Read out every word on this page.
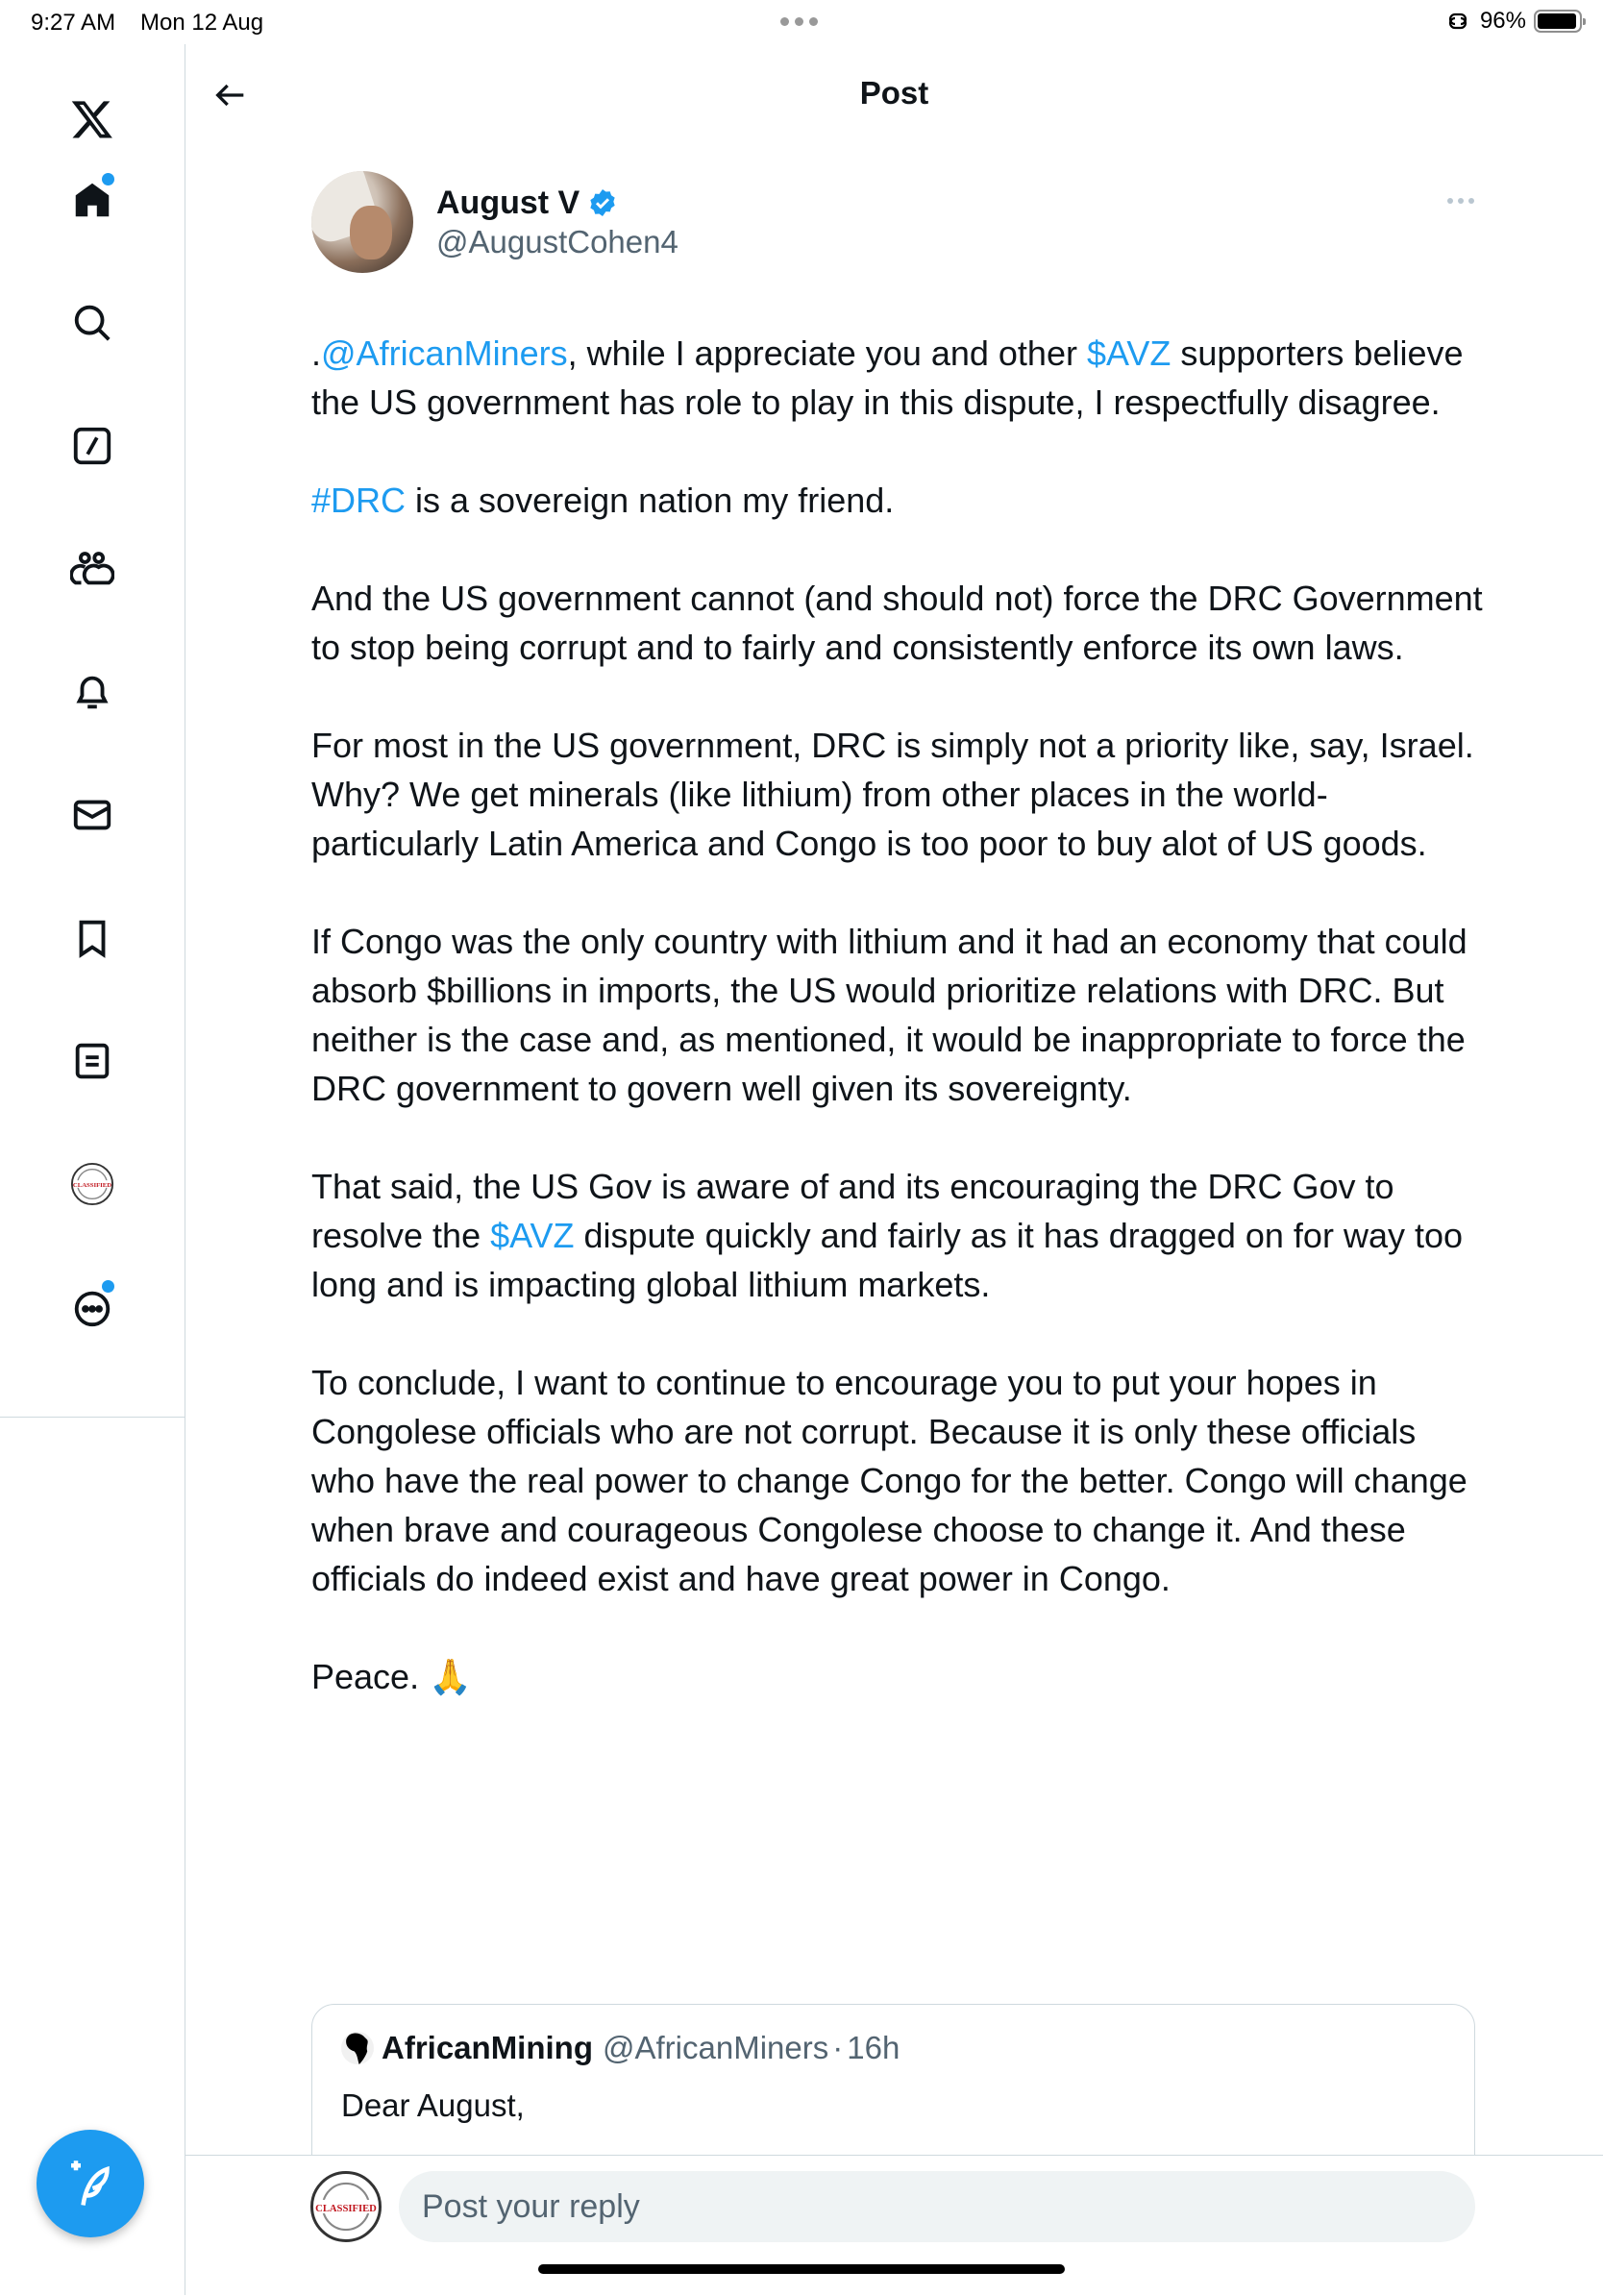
9:27 AM Mon 12 Aug	96%
CLASSIFIED
Post
August V
@AugustCohen4

.@AfricanMiners, while I appreciate you and other $AVZ supporters believe the US government has role to play in this dispute, I respectfully disagree.

#DRC is a sovereign nation my friend.

And the US government cannot (and should not) force the DRC Government to stop being corrupt and to fairly and consistently enforce its own laws.

For most in the US government, DRC is simply not a priority like, say, Israel. Why? We get minerals (like lithium) from other places in the world- particularly Latin America and Congo is too poor to buy alot of US goods.

If Congo was the only country with lithium and it had an economy that could absorb $billions in imports, the US would prioritize relations with DRC. But neither is the case and, as mentioned, it would be inappropriate to force the DRC government to govern well given its sovereignty.

That said, the US Gov is aware of and its encouraging the DRC Gov to resolve the $AVZ dispute quickly and fairly as it has dragged on for way too long and is impacting global lithium markets.

To conclude, I want to continue to encourage you to put your hopes in Congolese officials who are not corrupt. Because it is only these officials who have the real power to change Congo for the better. Congo will change when brave and courageous Congolese choose to change it. And these officials do indeed exist and have great power in Congo.

Peace. 🙏

AfricanMining @AfricanMiners · 16h
Dear August,
CLASSIFIED
Post your reply
